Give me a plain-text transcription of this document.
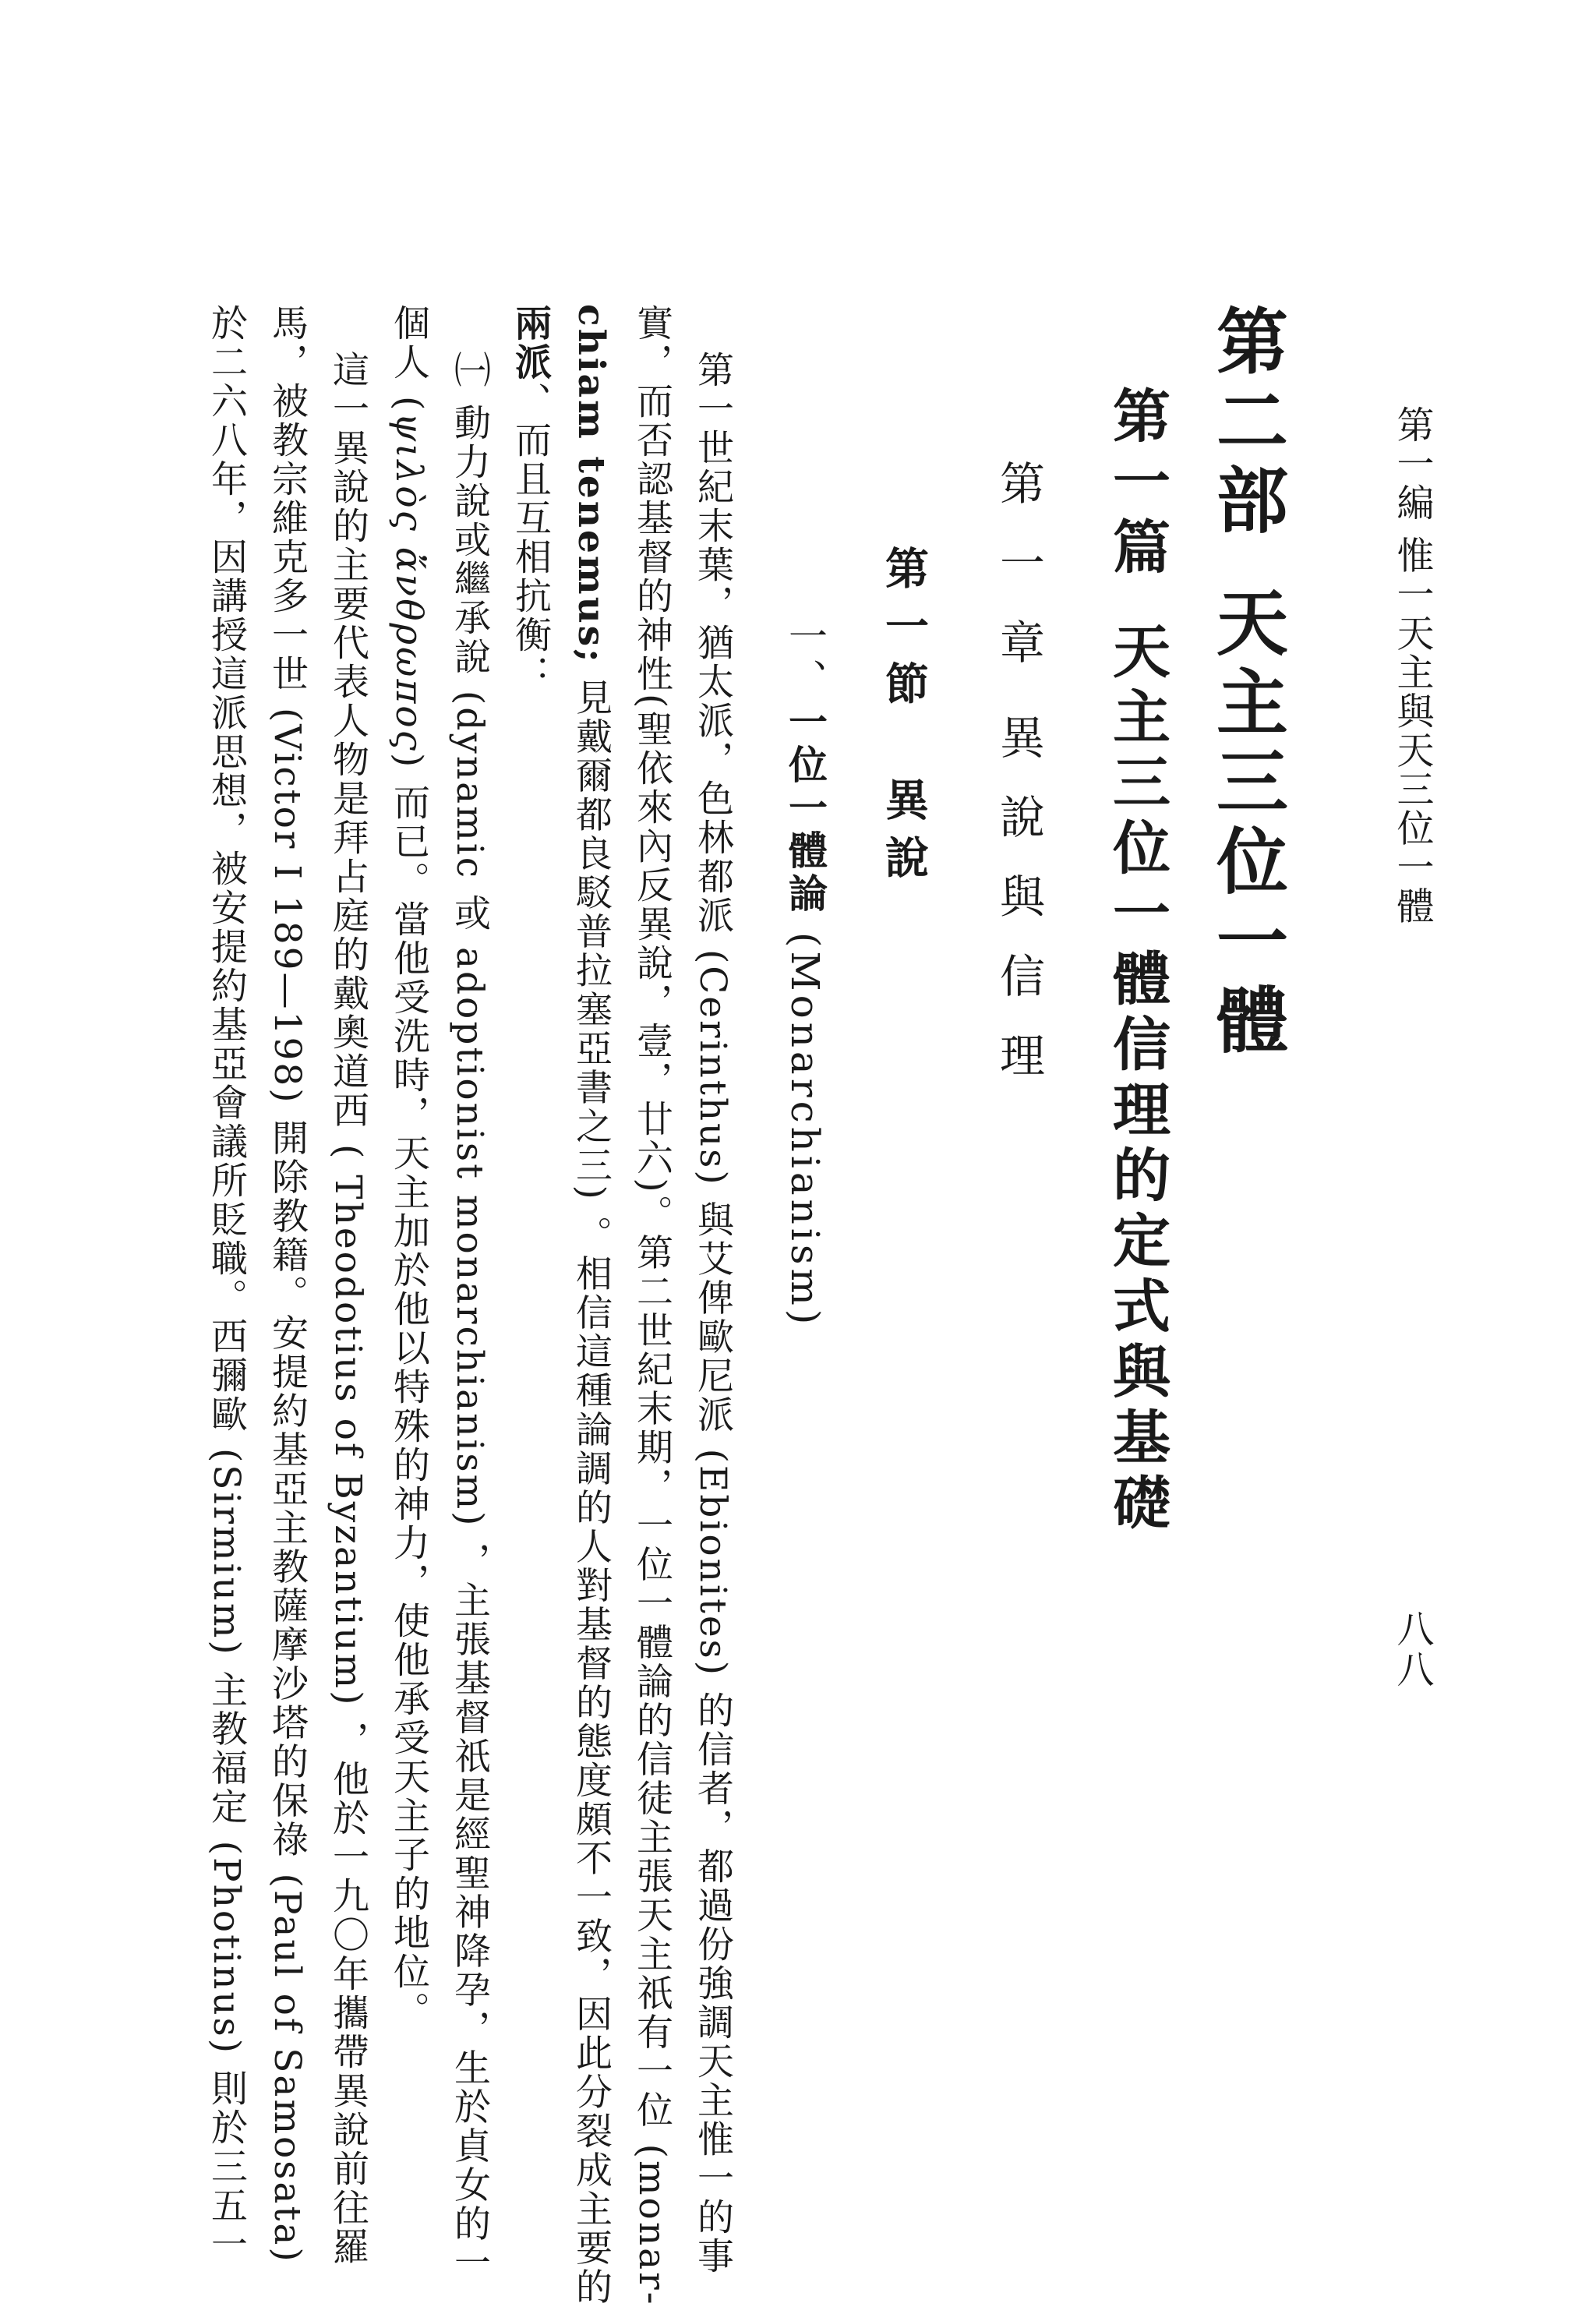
第一編 惟一天主與天三位一體
八八
第二部天主三位一體
第一篇天主三位一體信理的定式與基礎
第一章異說與信理
第一節異說
一、一位一體論 (Monarchianism)
第一世紀末葉，猶太派，色林都派 (Cerinthus) 與艾俾歐尼派 (Ebionites) 的信者，都過份強調天主惟一的事
實，而否認基督的神性(聖依來內反異說，壹，廿六)。第二世紀末期，一位一體論的信徒主張天主祇有一位 (monar-
chiam tenemus; 見戴爾都良駁普拉塞亞書之三) 。相信這種論調的人對基督的態度頗不一致，因此分裂成主要的
兩派、而且互相抗衡：
㈠ 動力說或繼承說 (dynamic 或 adoptionist monarchianism) ，主張基督祇是經聖神降孕，生於貞女的一
個人 (ψιλὸς ἄνθρωπος) 而已。當他受洗時，天主加於他以特殊的神力，使他承受天主子的地位。
這一異說的主要代表人物是拜占庭的戴奧道西 ( Theodotius of Byzantium) ，他於一九〇年攜帶異說前往羅
馬，被教宗維克多一世 (Victor I 189—198) 開除教籍。安提約基亞主教薩摩沙塔的保祿 (Paul of Samosata)
於二六八年，因講授這派思想，被安提約基亞會議所貶職。西彌歐 (Sirmium) 主教福定 (Photinus) 則於三五一
